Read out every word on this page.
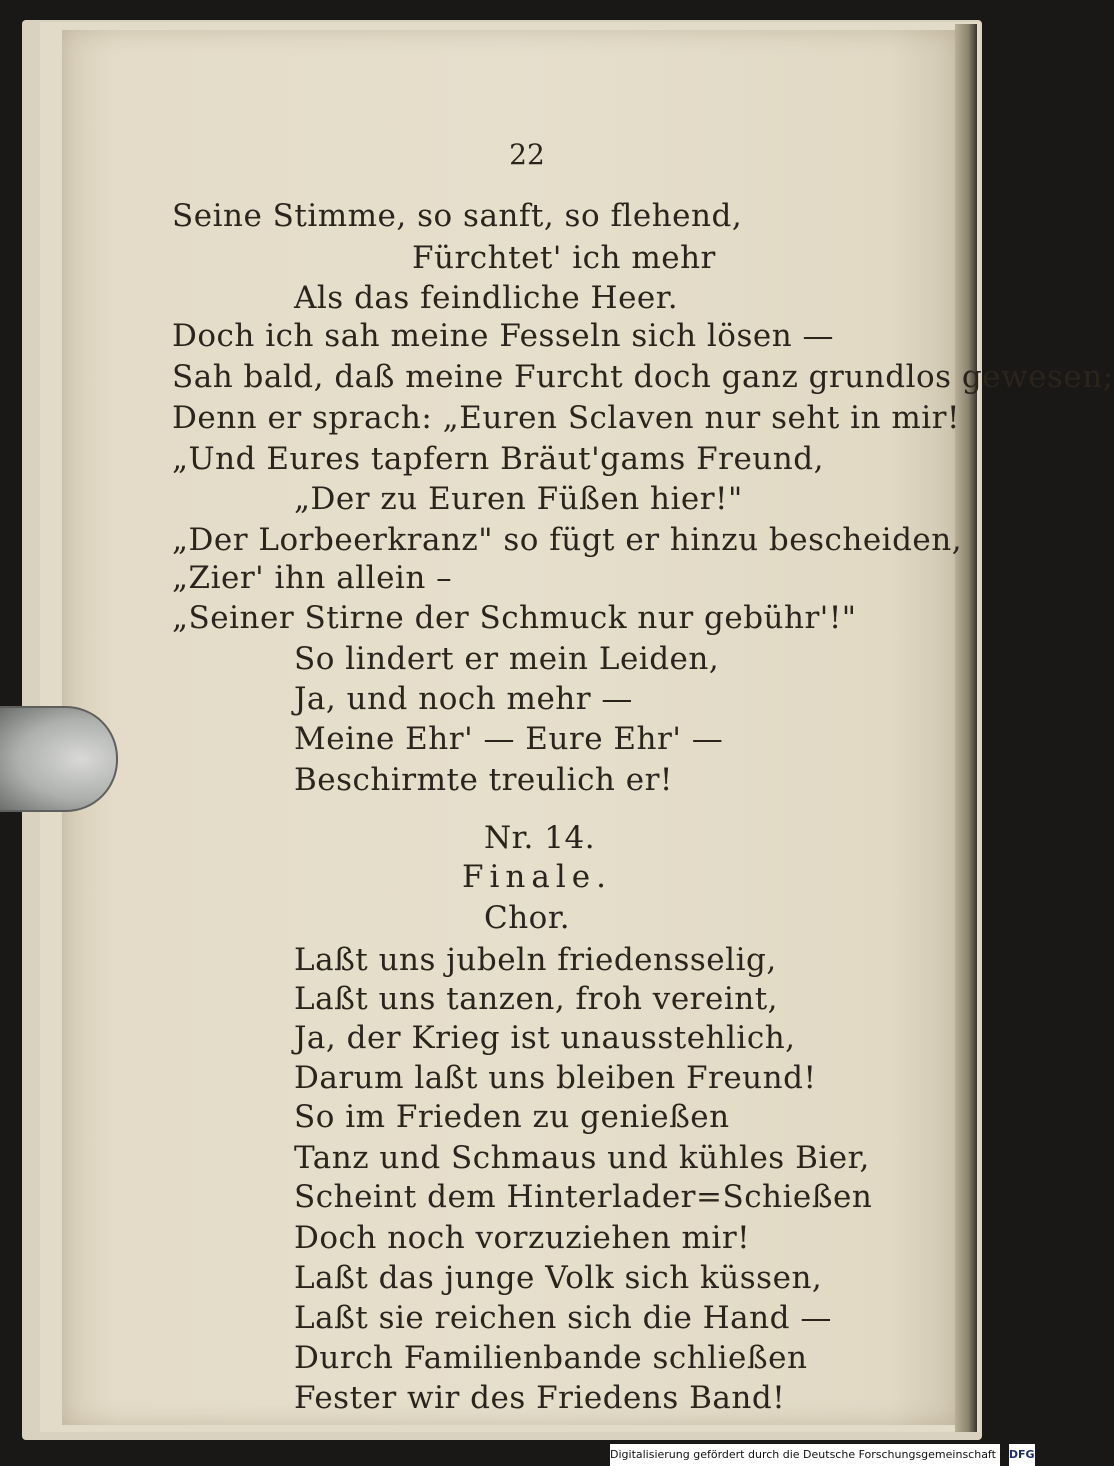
22
Seine Stimme, so sanft, so flehend,
Fürchtet' ich mehr
Als das feindliche Heer.
Doch ich sah meine Fesseln sich lösen —
Sah bald, daß meine Furcht doch ganz grundlos gewesen;
Denn er sprach: „Euren Sclaven nur seht in mir!
„Und Eures tapfern Bräut'gams Freund,
„Der zu Euren Füßen hier!"
„Der Lorbeerkranz" so fügt er hinzu bescheiden,
„Zier' ihn allein –
„Seiner Stirne der Schmuck nur gebühr'!"
So lindert er mein Leiden,
Ja, und noch mehr —
Meine Ehr' — Eure Ehr' —
Beschirmte treulich er!
Nr. 14.
Finale.
Chor.
Laßt uns jubeln friedensselig,
Laßt uns tanzen, froh vereint,
Ja, der Krieg ist unausstehlich,
Darum laßt uns bleiben Freund!
So im Frieden zu genießen
Tanz und Schmaus und kühles Bier,
Scheint dem Hinterlader=Schießen
Doch noch vorzuziehen mir!
Laßt das junge Volk sich küssen,
Laßt sie reichen sich die Hand —
Durch Familienbande schließen
Fester wir des Friedens Band!
Digitalisierung gefördert durch die Deutsche Forschungsgemeinschaft - DFG
